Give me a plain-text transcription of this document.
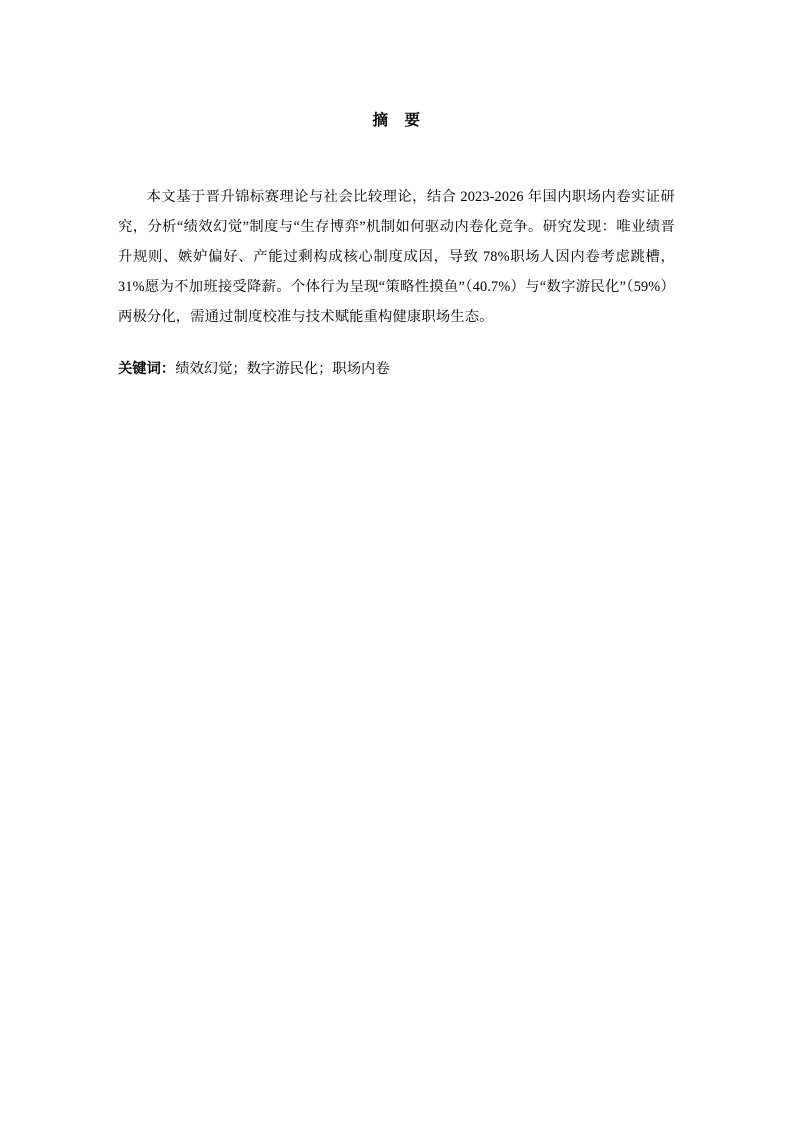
摘　要

本文基于晋升锦标赛理论与社会比较理论，结合 2023-2026 年国内职场内卷实证研究，分析“绩效幻觉”制度与“生存博弈”机制如何驱动内卷化竞争。研究发现：唯业绩晋升规则、嫉妒偏好、产能过剩构成核心制度成因，导致 78%职场人因内卷考虑跳槽，31%愿为不加班接受降薪。个体行为呈现“策略性摸鱼”（40.7%）与“数字游民化”（59%）两极分化，需通过制度校准与技术赋能重构健康职场生态。

关键词：绩效幻觉；数字游民化；职场内卷
